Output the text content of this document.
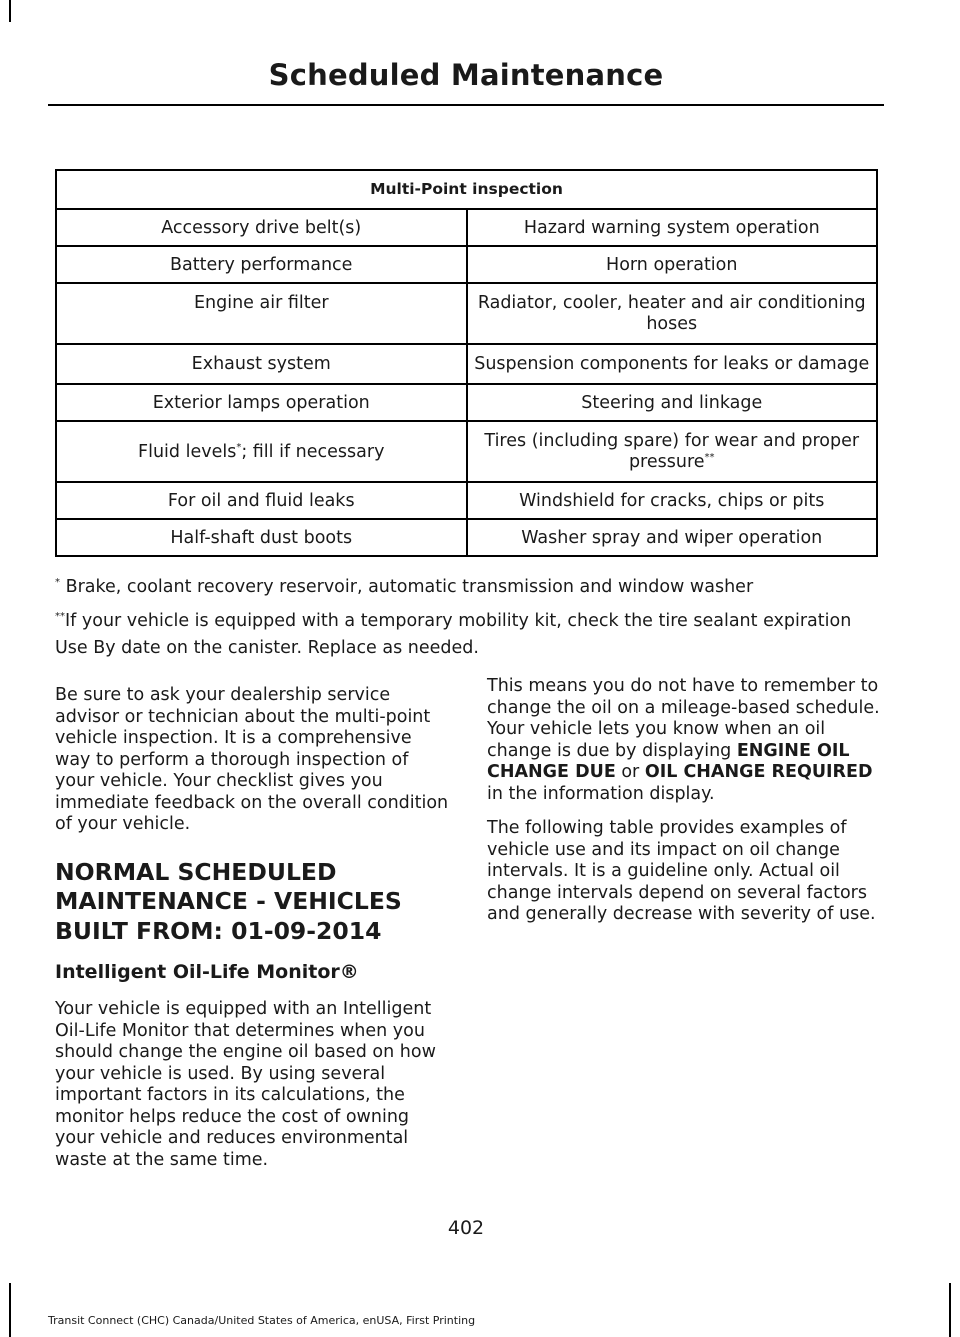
Scheduled Maintenance
Multi-Point inspection	
Accessory drive belt(s)	Hazard warning system operation
Battery performance	Horn operation
Engine air filter	Radiator, cooler, heater and air conditioning hoses
Exhaust system	Suspension components for leaks or damage
Exterior lamps operation	Steering and linkage
Fluid levels*; fill if necessary	Tires (including spare) for wear and proper pressure**
For oil and fluid leaks	Windshield for cracks, chips or pits
Half-shaft dust boots	Washer spray and wiper operation
* Brake, coolant recovery reservoir, automatic transmission and window washer
**If your vehicle is equipped with a temporary mobility kit, check the tire sealant expiration Use By date on the canister. Replace as needed.

Be sure to ask your dealership service advisor or technician about the multi-point vehicle inspection. It is a comprehensive way to perform a thorough inspection of your vehicle. Your checklist gives you immediate feedback on the overall condition of your vehicle.

NORMAL SCHEDULED MAINTENANCE - VEHICLES BUILT FROM: 01-09-2014
Intelligent Oil-Life Monitor®

Your vehicle is equipped with an Intelligent Oil-Life Monitor that determines when you should change the engine oil based on how your vehicle is used. By using several important factors in its calculations, the monitor helps reduce the cost of owning your vehicle and reduces environmental waste at the same time.

This means you do not have to remember to change the oil on a mileage-based schedule. Your vehicle lets you know when an oil change is due by displaying ENGINE OIL CHANGE DUE or OIL CHANGE REQUIRED in the information display.

The following table provides examples of vehicle use and its impact on oil change intervals. It is a guideline only. Actual oil change intervals depend on several factors and generally decrease with severity of use.

402
Transit Connect (CHC) Canada/United States of America, enUSA, First Printing
